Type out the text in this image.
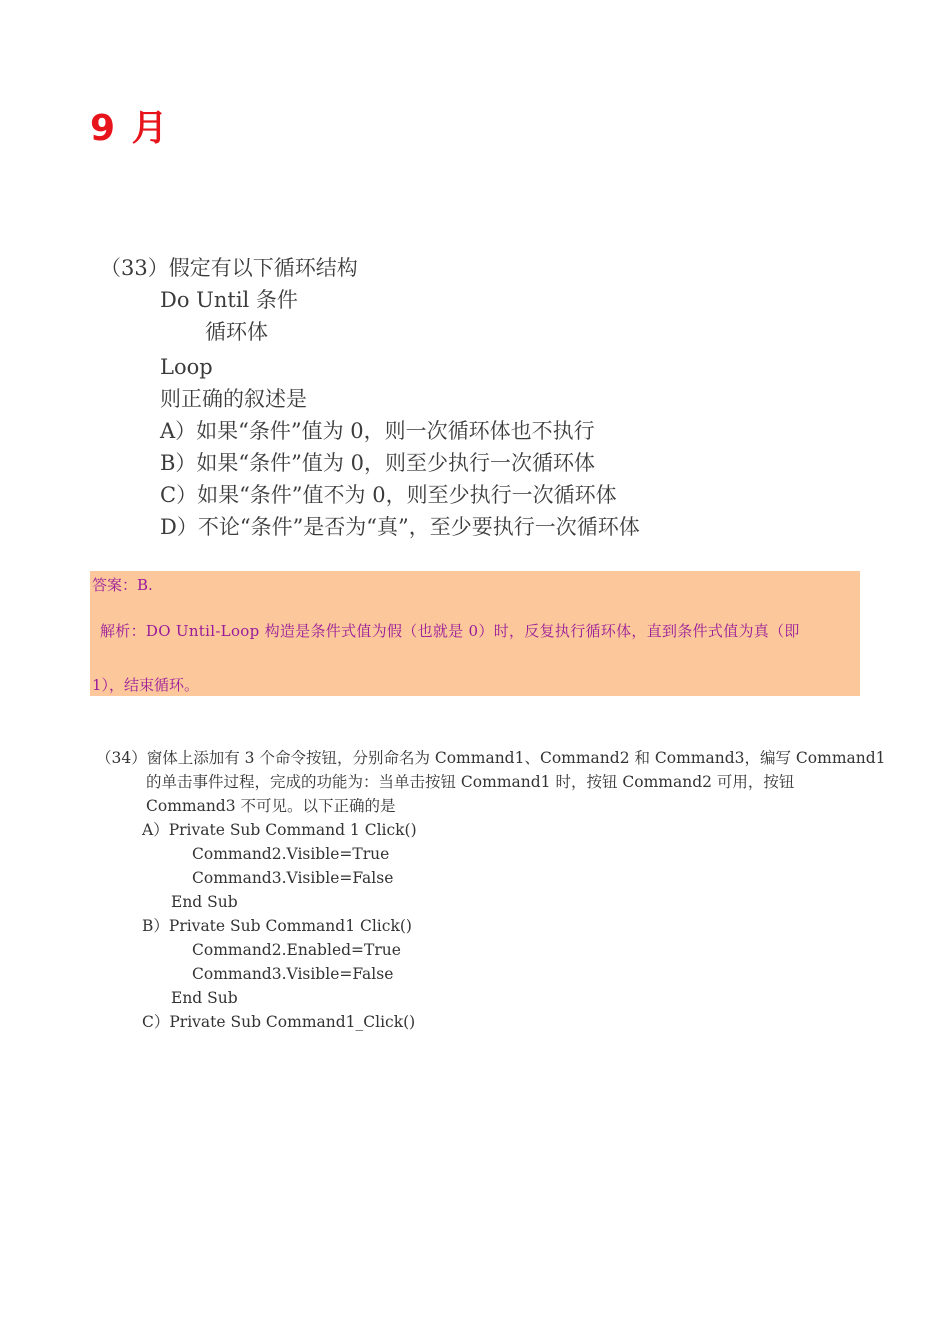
9 月
（33）假定有以下循环结构
Do Until 条件
循环体
Loop
则正确的叙述是
A）如果“条件”值为 0，则一次循环体也不执行
B）如果“条件”值为 0，则至少执行一次循环体
C）如果“条件”值不为 0，则至少执行一次循环体
D）不论“条件”是否为“真”，至少要执行一次循环体
答案：B.
解析：DO Until-Loop 构造是条件式值为假（也就是 0）时，反复执行循环体，直到条件式值为真（即
1），结束循环。
（34）窗体上添加有 3 个命令按钮，分别命名为 Command1、Command2 和 Command3，编写 Command1
的单击事件过程，完成的功能为：当单击按钮 Command1 时，按钮 Command2 可用，按钮
Command3 不可见。以下正确的是
A）Private Sub Command 1 Click()
Command2.Visible=True
Command3.Visible=False
End Sub
B）Private Sub Command1 Click()
Command2.Enabled=True
Command3.Visible=False
End Sub
C）Private Sub Command1_Click()
